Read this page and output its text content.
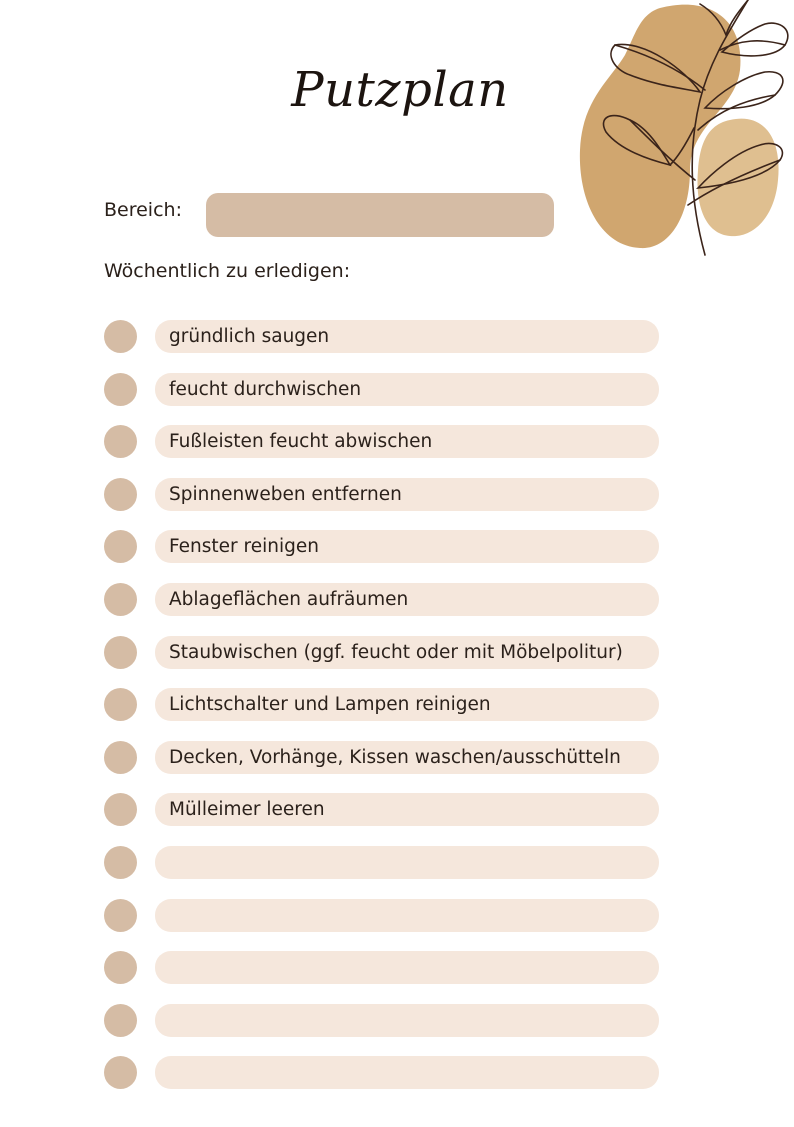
Putzplan
Bereich:
Wöchentlich zu erledigen:
gründlich saugen
feucht durchwischen
Fußleisten feucht abwischen
Spinnenweben entfernen
Fenster reinigen
Ablageflächen aufräumen
Staubwischen (ggf. feucht oder mit Möbelpolitur)
Lichtschalter und Lampen reinigen
Decken, Vorhänge, Kissen waschen/ausschütteln
Mülleimer leeren
